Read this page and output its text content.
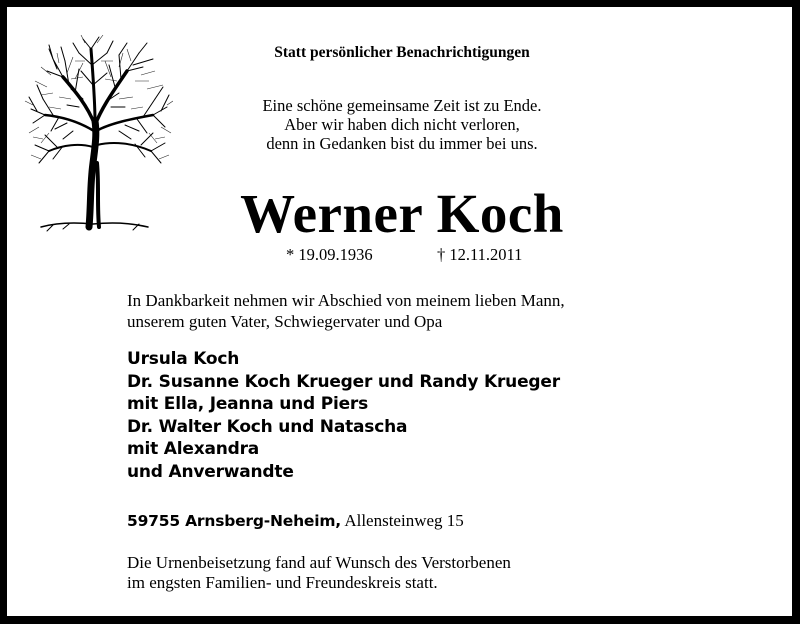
Statt persönlicher Benachrichtigungen
Eine schöne gemeinsame Zeit ist zu Ende.
Aber wir haben dich nicht verloren,
denn in Gedanken bist du immer bei uns.
Werner Koch
* 19.09.1936	† 12.11.2011
In Dankbarkeit nehmen wir Abschied von meinem lieben Mann,
unserem guten Vater, Schwiegervater und Opa
Ursula Koch
Dr. Susanne Koch Krueger und Randy Krueger
mit Ella, Jeanna und Piers
Dr. Walter Koch und Natascha
mit Alexandra
und Anverwandte
59755 Arnsberg-Neheim, Allensteinweg 15
Die Urnenbeisetzung fand auf Wunsch des Verstorbenen
im engsten Familien- und Freundeskreis statt.
